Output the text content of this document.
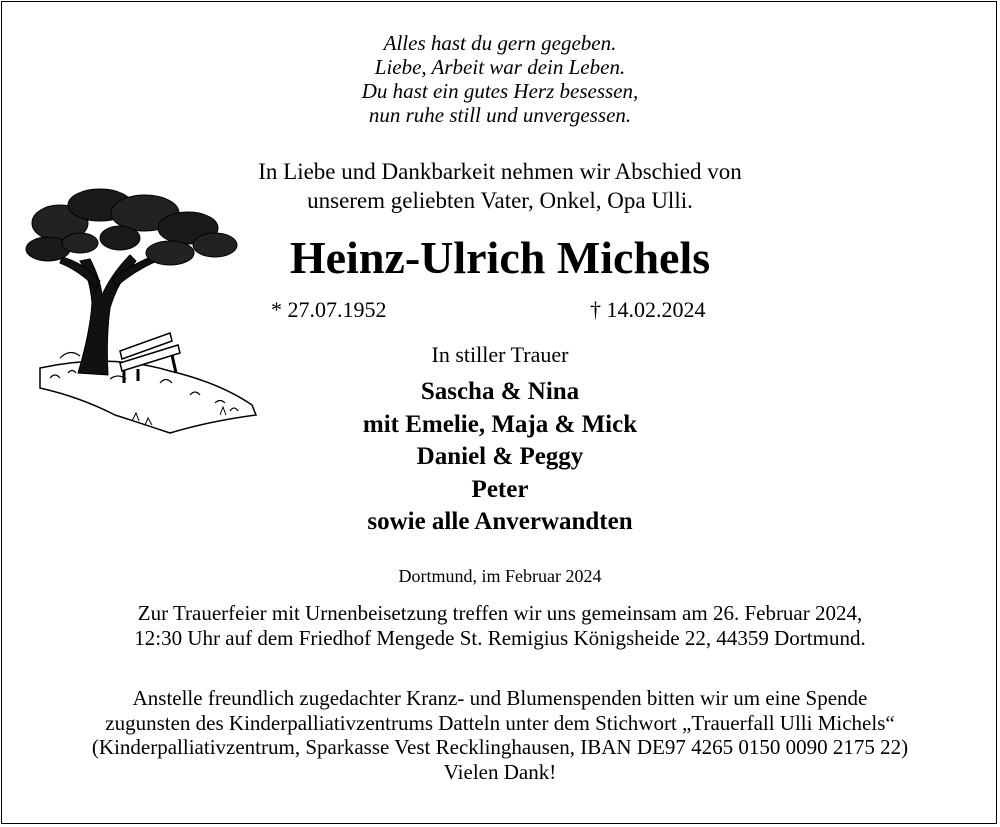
Alles hast du gern gegeben.
Liebe, Arbeit war dein Leben.
Du hast ein gutes Herz besessen,
nun ruhe still und unvergessen.
In Liebe und Dankbarkeit nehmen wir Abschied von
unserem geliebten Vater, Onkel, Opa Ulli.
Heinz-Ulrich Michels
* 27.07.1952	† 14.02.2024
In stiller Trauer
Sascha & Nina
mit Emelie, Maja & Mick
Daniel & Peggy
Peter
sowie alle Anverwandten
Dortmund, im Februar 2024
Zur Trauerfeier mit Urnenbeisetzung treffen wir uns gemeinsam am 26. Februar 2024,
12:30 Uhr auf dem Friedhof Mengede St. Remigius Königsheide 22, 44359 Dortmund.
Anstelle freundlich zugedachter Kranz- und Blumenspenden bitten wir um eine Spende
zugunsten des Kinderpalliativzentrums Datteln unter dem Stichwort „Trauerfall Ulli Michels“
(Kinderpalliativzentrum, Sparkasse Vest Recklinghausen, IBAN DE97 4265 0150 0090 2175 22)
Vielen Dank!
